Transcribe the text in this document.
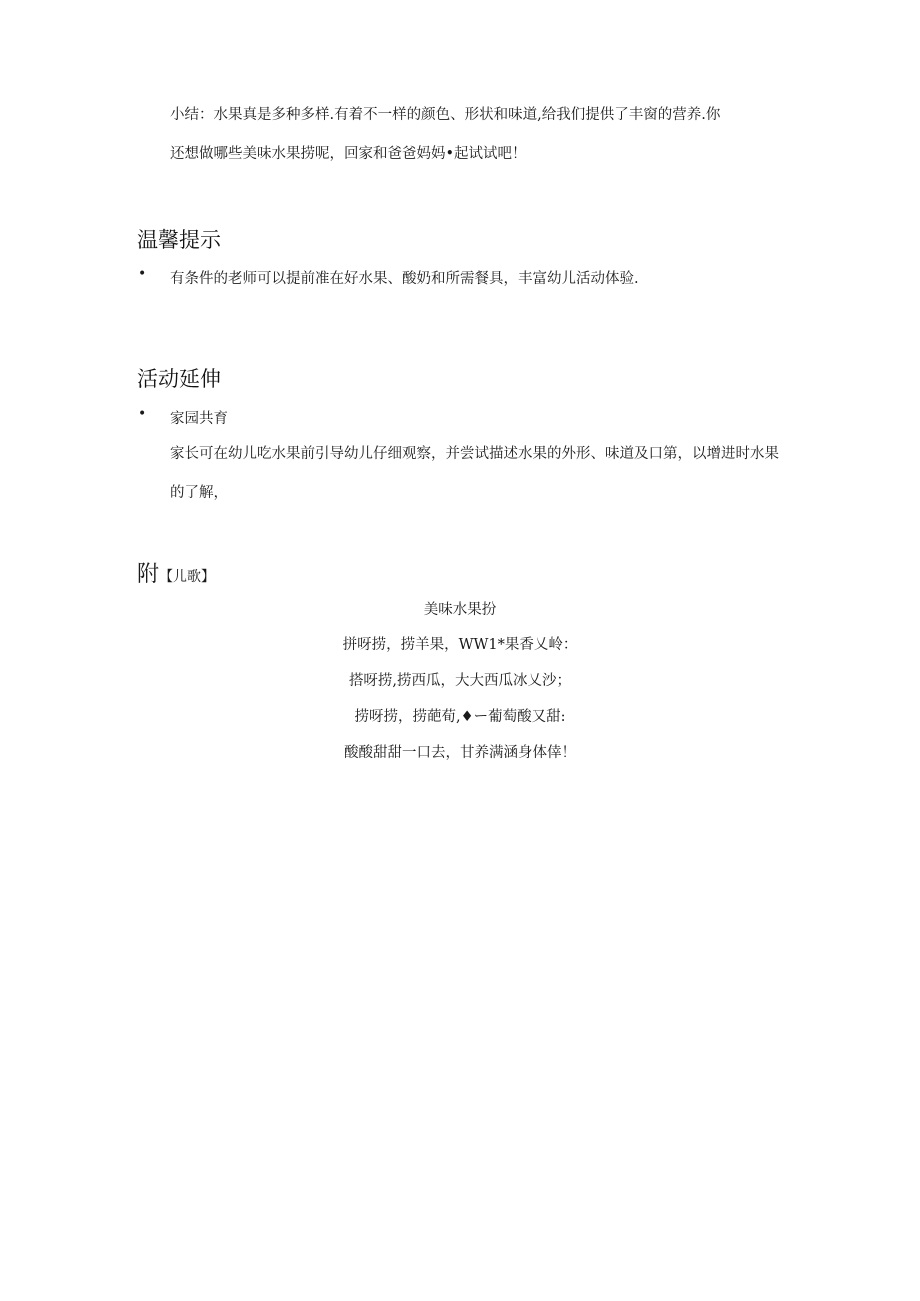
小结：水果真是多种多样.有着不一样的颜色、形状和味道,给我们提供了丰窗的营养.你
还想做哪些美味水果捞呢，回家和爸爸妈妈•起试试吧！
温馨提示
• 有条件的老师可以提前准在好水果、酸奶和所需餐具，丰富幼儿活动体验.
活动延伸
• 家园共育
家长可在幼儿吃水果前引导幼儿仔细观察，并尝试描述水果的外形、味道及口第，以增进时水果
的了解，
附【儿歌】
美味水果扮
拼呀捞，捞羊果，WW1*果香乂岭：
搭呀捞,捞西瓜，大大西瓜冰乂沙；
捞呀捞，捞葩荀,♦ー葡萄酸又甜:
酸酸甜甜一口去，甘养满涵身体倖！
